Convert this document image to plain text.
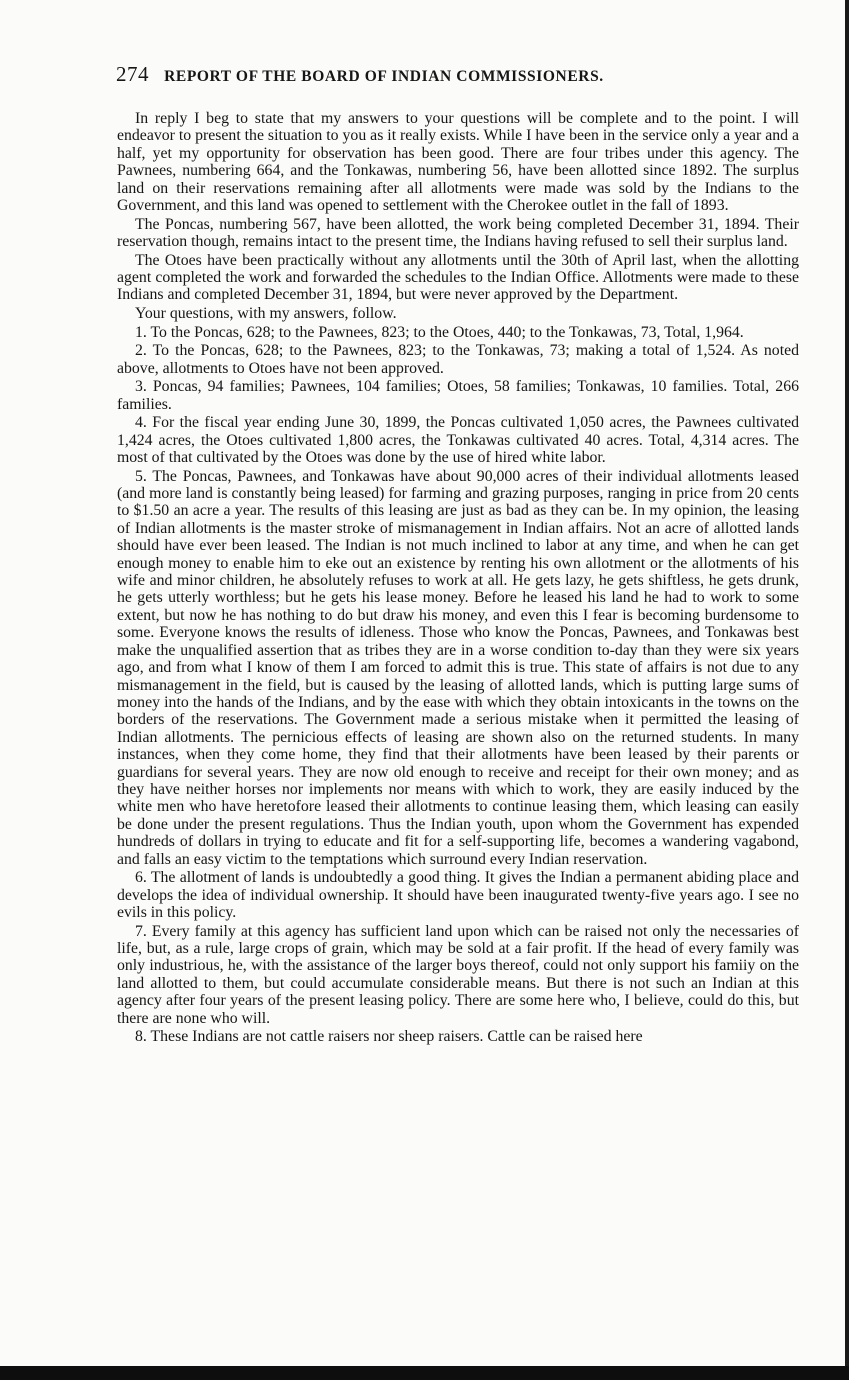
274 REPORT OF THE BOARD OF INDIAN COMMISSIONERS.

In reply I beg to state that my answers to your questions will be complete and to the point. I will endeavor to present the situation to you as it really exists. While I have been in the service only a year and a half, yet my opportunity for observation has been good. There are four tribes under this agency. The Pawnees, numbering 664, and the Tonkawas, numbering 56, have been allotted since 1892. The surplus land on their reservations remaining after all allotments were made was sold by the Indians to the Government, and this land was opened to settlement with the Cherokee outlet in the fall of 1893.

The Poncas, numbering 567, have been allotted, the work being completed December 31, 1894. Their reservation though, remains intact to the present time, the Indians having refused to sell their surplus land.

The Otoes have been practically without any allotments until the 30th of April last, when the allotting agent completed the work and forwarded the schedules to the Indian Office. Allotments were made to these Indians and completed December 31, 1894, but were never approved by the Department.

Your questions, with my answers, follow.

1. To the Poncas, 628; to the Pawnees, 823; to the Otoes, 440; to the Tonkawas, 73, Total, 1,964.

2. To the Poncas, 628; to the Pawnees, 823; to the Tonkawas, 73; making a total of 1,524. As noted above, allotments to Otoes have not been approved.

3. Poncas, 94 families; Pawnees, 104 families; Otoes, 58 families; Tonkawas, 10 families. Total, 266 families.

4. For the fiscal year ending June 30, 1899, the Poncas cultivated 1,050 acres, the Pawnees cultivated 1,424 acres, the Otoes cultivated 1,800 acres, the Tonkawas cultivated 40 acres. Total, 4,314 acres. The most of that cultivated by the Otoes was done by the use of hired white labor.

5. The Poncas, Pawnees, and Tonkawas have about 90,000 acres of their individual allotments leased (and more land is constantly being leased) for farming and grazing purposes, ranging in price from 20 cents to $1.50 an acre a year. The results of this leasing are just as bad as they can be. In my opinion, the leasing of Indian allotments is the master stroke of mismanagement in Indian affairs. Not an acre of allotted lands should have ever been leased. The Indian is not much inclined to labor at any time, and when he can get enough money to enable him to eke out an existence by renting his own allotment or the allotments of his wife and minor children, he absolutely refuses to work at all. He gets lazy, he gets shiftless, he gets drunk, he gets utterly worthless; but he gets his lease money. Before he leased his land he had to work to some extent, but now he has nothing to do but draw his money, and even this I fear is becoming burdensome to some. Everyone knows the results of idleness. Those who know the Poncas, Pawnees, and Tonkawas best make the unqualified assertion that as tribes they are in a worse condition to-day than they were six years ago, and from what I know of them I am forced to admit this is true. This state of affairs is not due to any mismanagement in the field, but is caused by the leasing of allotted lands, which is putting large sums of money into the hands of the Indians, and by the ease with which they obtain intoxicants in the towns on the borders of the reservations. The Government made a serious mistake when it permitted the leasing of Indian allotments. The pernicious effects of leasing are shown also on the returned students. In many instances, when they come home, they find that their allotments have been leased by their parents or guardians for several years. They are now old enough to receive and receipt for their own money; and as they have neither horses nor implements nor means with which to work, they are easily induced by the white men who have heretofore leased their allotments to continue leasing them, which leasing can easily be done under the present regulations. Thus the Indian youth, upon whom the Government has expended hundreds of dollars in trying to educate and fit for a self-supporting life, becomes a wandering vagabond, and falls an easy victim to the temptations which surround every Indian reservation.

6. The allotment of lands is undoubtedly a good thing. It gives the Indian a permanent abiding place and develops the idea of individual ownership. It should have been inaugurated twenty-five years ago. I see no evils in this policy.

7. Every family at this agency has sufficient land upon which can be raised not only the necessaries of life, but, as a rule, large crops of grain, which may be sold at a fair profit. If the head of every family was only industrious, he, with the assistance of the larger boys thereof, could not only support his famiiy on the land allotted to them, but could accumulate considerable means. But there is not such an Indian at this agency after four years of the present leasing policy. There are some here who, I believe, could do this, but there are none who will.

8. These Indians are not cattle raisers nor sheep raisers. Cattle can be raised here
